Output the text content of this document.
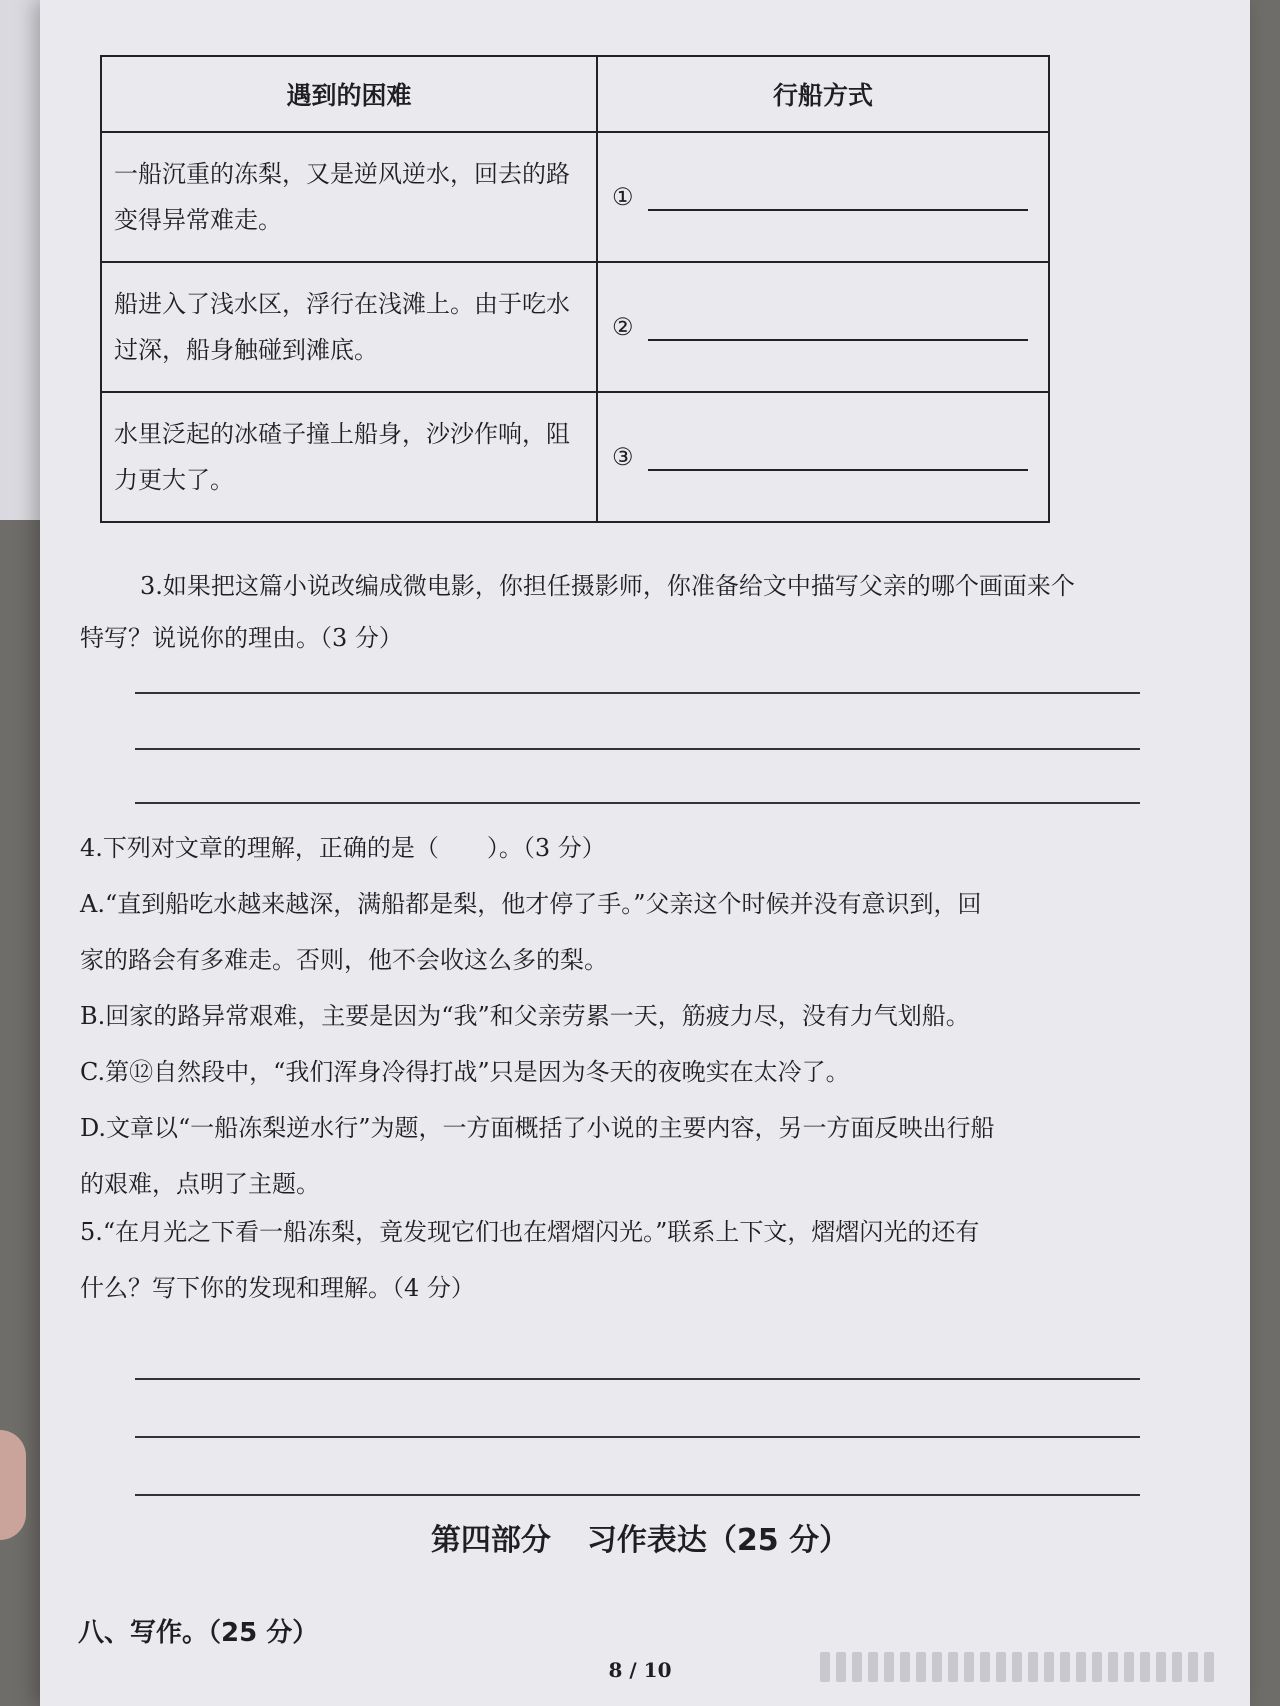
遇到的困难	行船方式
一船沉重的冻梨，又是逆风逆水，回去的路变得异常难走。	①
船进入了浅水区，浮行在浅滩上。由于吃水过深，船身触碰到滩底。	②
水里泛起的冰碴子撞上船身，沙沙作响，阻力更大了。	③
3.如果把这篇小说改编成微电影，你担任摄影师，你准备给文中描写父亲的哪个画面来个
特写？说说你的理由。（3 分）
4.下列对文章的理解，正确的是（　　）。（3 分）
A.“直到船吃水越来越深，满船都是梨，他才停了手。”父亲这个时候并没有意识到，回
家的路会有多难走。否则，他不会收这么多的梨。
B.回家的路异常艰难，主要是因为“我”和父亲劳累一天，筋疲力尽，没有力气划船。
C.第⑫自然段中，“我们浑身冷得打战”只是因为冬天的夜晚实在太冷了。
D.文章以“一船冻梨逆水行”为题，一方面概括了小说的主要内容，另一方面反映出行船
的艰难，点明了主题。
5.“在月光之下看一船冻梨，竟发现它们也在熠熠闪光。”联系上下文，熠熠闪光的还有
什么？写下你的发现和理解。（4 分）
第四部分 习作表达（25 分）
八、写作。（25 分）
8 / 10
